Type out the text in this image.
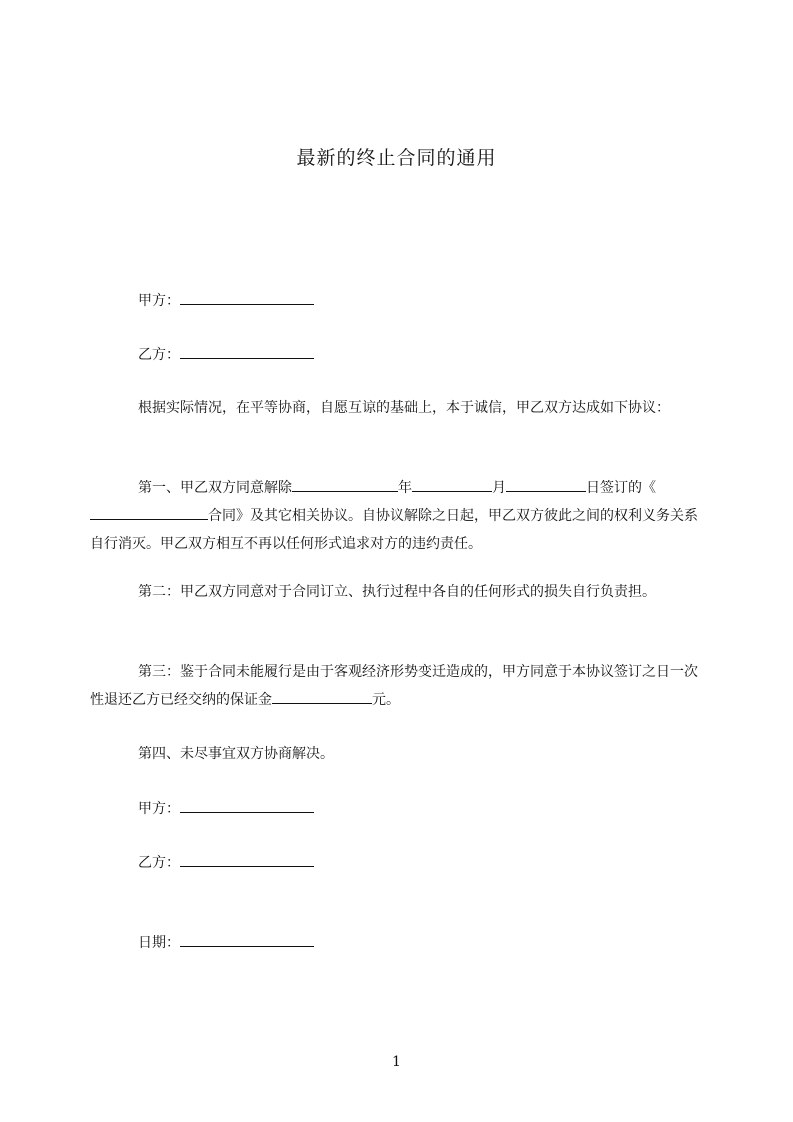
最新的终止合同的通用
甲方：
乙方：
根据实际情况，在平等协商，自愿互谅的基础上，本于诚信，甲乙双方达成如下协议：
第一、甲乙双方同意解除	年	月	日签订的《合同》及其它相关协议。自协议解除之日起，甲乙双方彼此之间的权利义务关系自行消灭。甲乙双方相互不再以任何形式追求对方的违约责任。
第二：甲乙双方同意对于合同订立、执行过程中各自的任何形式的损失自行负责担。
第三：鉴于合同未能履行是由于客观经济形势变迁造成的，甲方同意于本协议签订之日一次性退还乙方已经交纳的保证金	元。
第四、未尽事宜双方协商解决。
甲方：
乙方：
日期：
1
